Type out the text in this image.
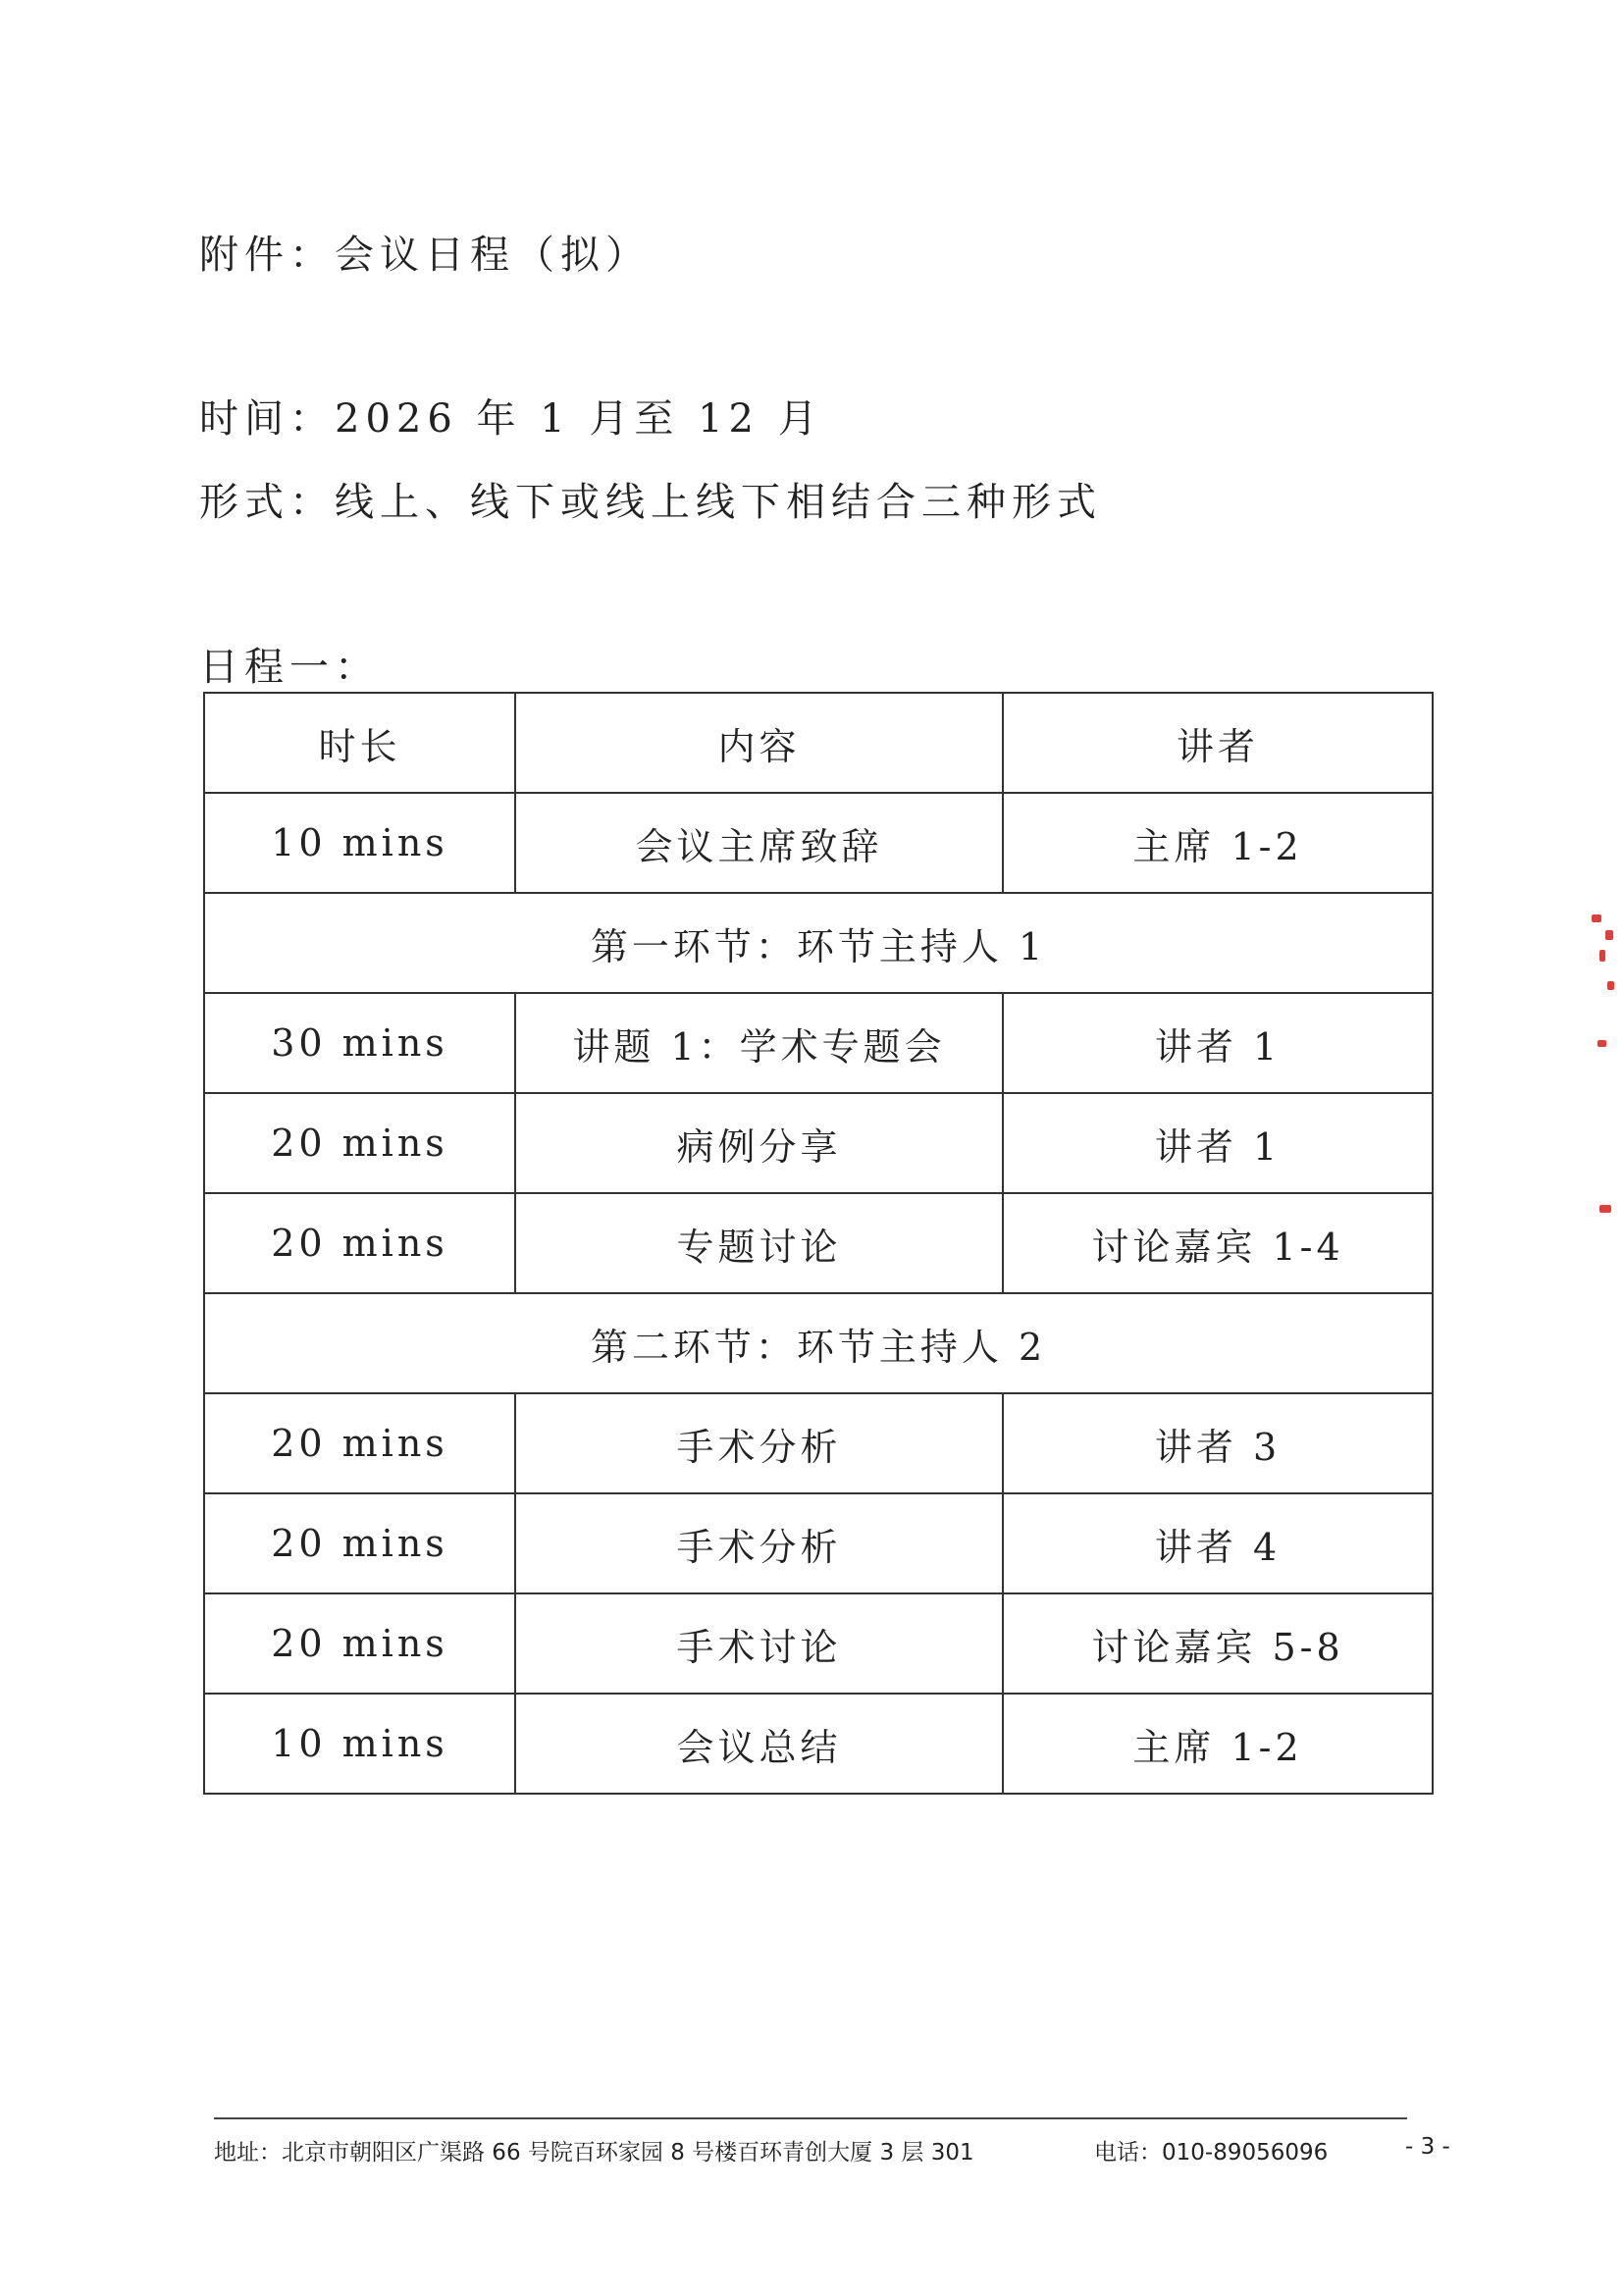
附件：会议日程（拟）
时间：2026 年 1 月至 12 月
形式：线上、线下或线上线下相结合三种形式
日程一：
时长	内容	讲者
10 mins	会议主席致辞	主席 1-2
第一环节：环节主持人 1		
30 mins	讲题 1：学术专题会	讲者 1
20 mins	病例分享	讲者 1
20 mins	专题讨论	讨论嘉宾 1-4
第二环节：环节主持人 2		
20 mins	手术分析	讲者 3
20 mins	手术分析	讲者 4
20 mins	手术讨论	讨论嘉宾 5-8
10 mins	会议总结	主席 1-2
地址：北京市朝阳区广渠路 66 号院百环家园 8 号楼百环青创大厦 3 层 301	电话：010-89056096	- 3 -
